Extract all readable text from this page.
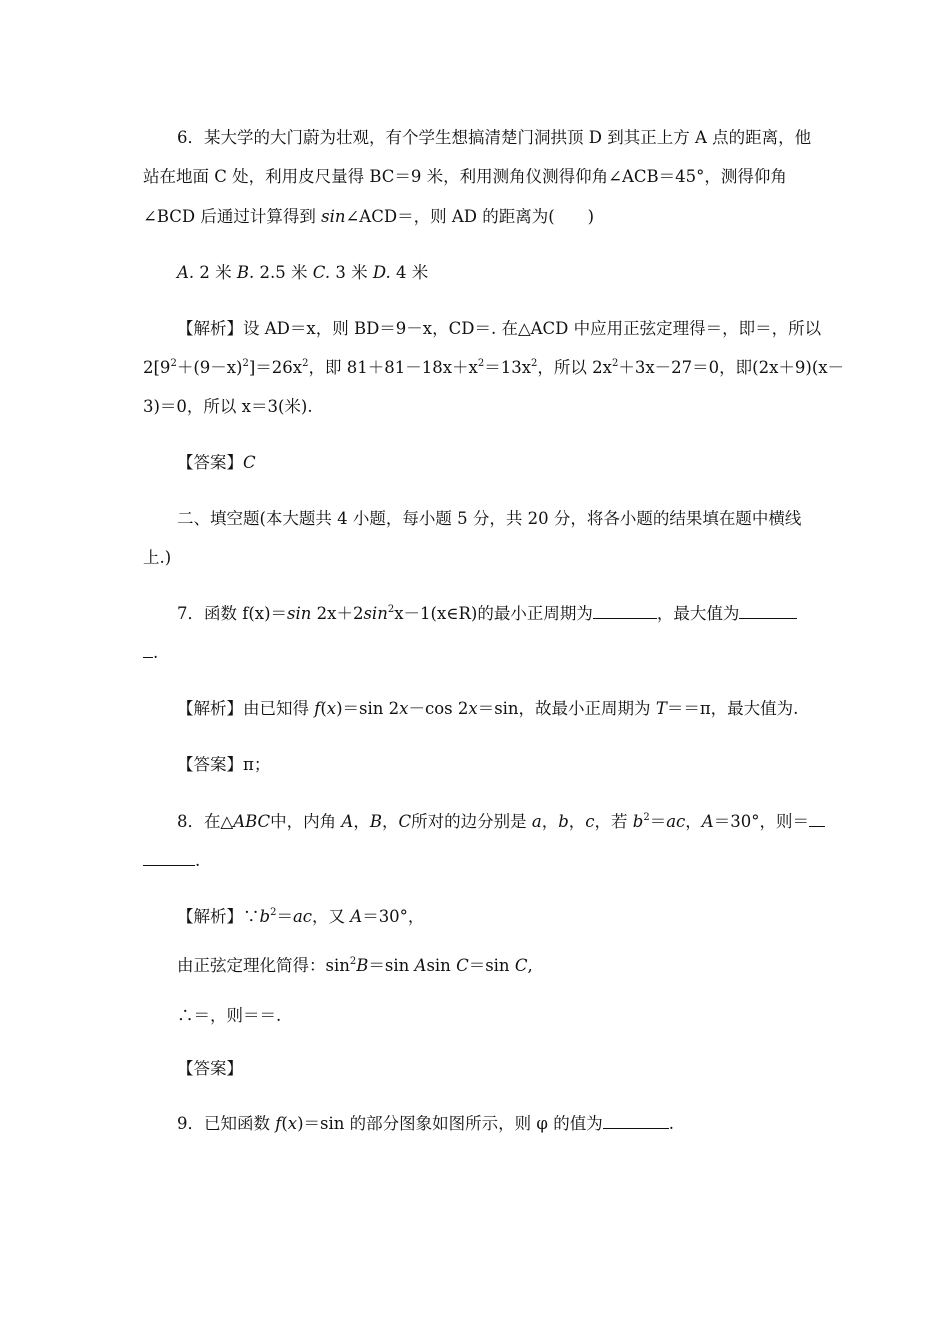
6．某大学的大门蔚为壮观，有个学生想搞清楚门洞拱顶 D 到其正上方 A 点的距离，他
站在地面 C 处，利用皮尺量得 BC＝9 米，利用测角仪测得仰角∠ACB＝45°，测得仰角
∠BCD 后通过计算得到 sin∠ACD＝，则 AD 的距离为(　　)
A. 2 米 B. 2.5 米 C. 3 米 D. 4 米
【解析】设 AD＝x，则 BD＝9－x，CD＝. 在△ACD 中应用正弦定理得＝，即＝，所以
$2[9^2+(9-x)^2]=26x^2$，即 $81+81-18x+x^2=13x^2$，所以 $2x^2+3x-27=0$，即(2x＋9)(x－
3)＝0，所以 x＝3(米).
【答案】C
二、填空题(本大题共 4 小题，每小题 5 分，共 20 分，将各小题的结果填在题中横线
上.)
7．函数 f(x)＝sin $2x+2\sin^2x-1(x\in R)$的最小正周期为	，最大值为
.
【解析】由已知得 f(x)＝sin 2x－cos 2x＝sin，故最小正周期为 T＝＝π，最大值为.
【答案】π；
8．在△ABC中，内角 A，B，C所对的边分别是 a，b，c，若 $b^2=ac$，A＝30°，则＝
.
【解析】$\because b^2=ac$，又 A＝30°，
由正弦定理化简得：$\sin^2B=\sin$ Asin C＝sin C,
∴＝，则＝＝.
【答案】
9．已知函数 f(x)＝sin 的部分图象如图所示，则 φ 的值为	.
